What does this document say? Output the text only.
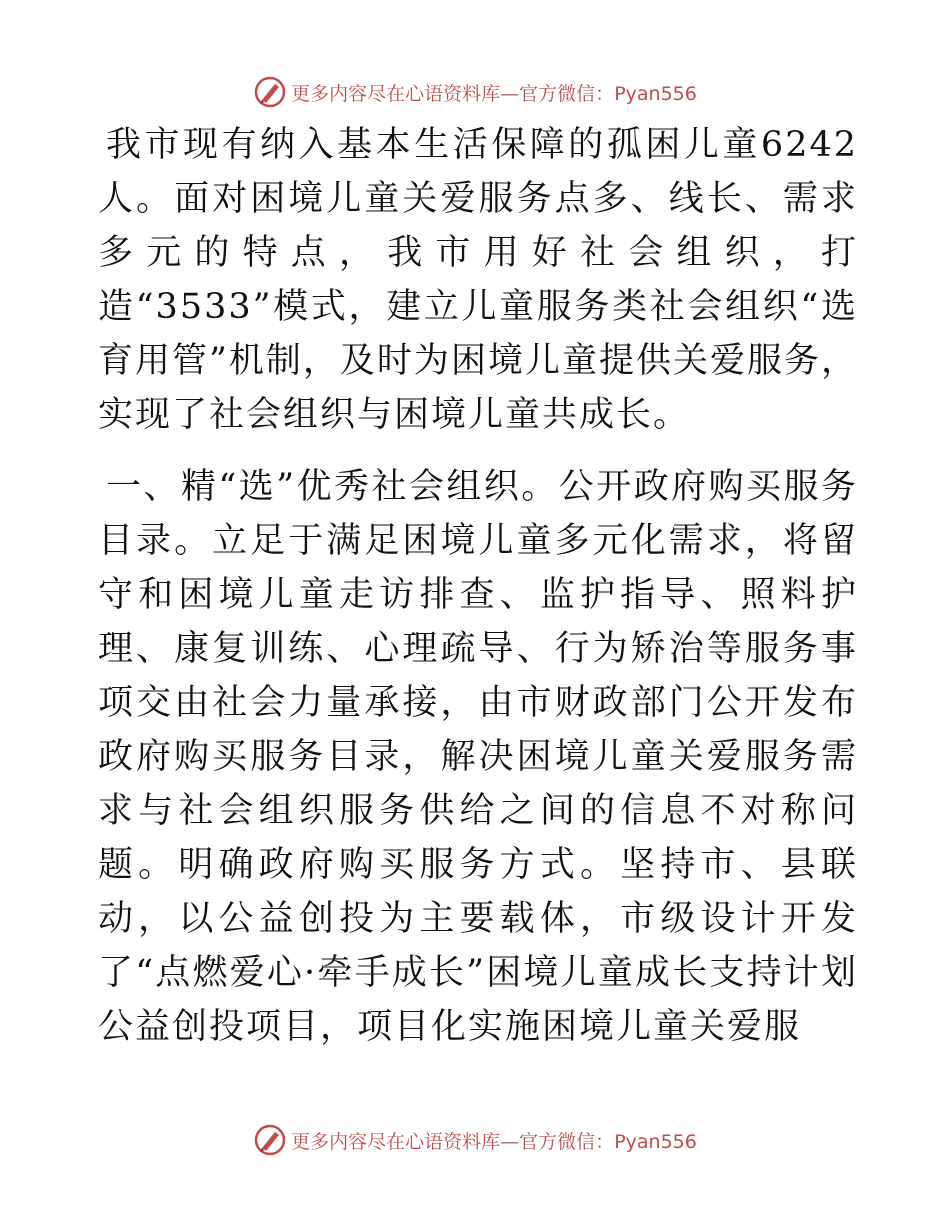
更多内容尽在心语资料库—官方微信：Pyan556

我市现有纳入基本生活保障的孤困儿童6242人。面对困境儿童关爱服务点多、线长、需求多元的特点，我市用好社会组织，打造“3533”模式，建立儿童服务类社会组织“选育用管”机制，及时为困境儿童提供关爱服务，实现了社会组织与困境儿童共成长。

一、精“选”优秀社会组织。公开政府购买服务目录。立足于满足困境儿童多元化需求，将留守和困境儿童走访排查、监护指导、照料护理、康复训练、心理疏导、行为矫治等服务事项交由社会力量承接，由市财政部门公开发布政府购买服务目录，解决困境儿童关爱服务需求与社会组织服务供给之间的信息不对称问题。明确政府购买服务方式。坚持市、县联动，以公益创投为主要载体，市级设计开发了“点燃爱心·牵手成长”困境儿童成长支持计划公益创投项目，项目化实施困境儿童关爱服

更多内容尽在心语资料库—官方微信：Pyan556
